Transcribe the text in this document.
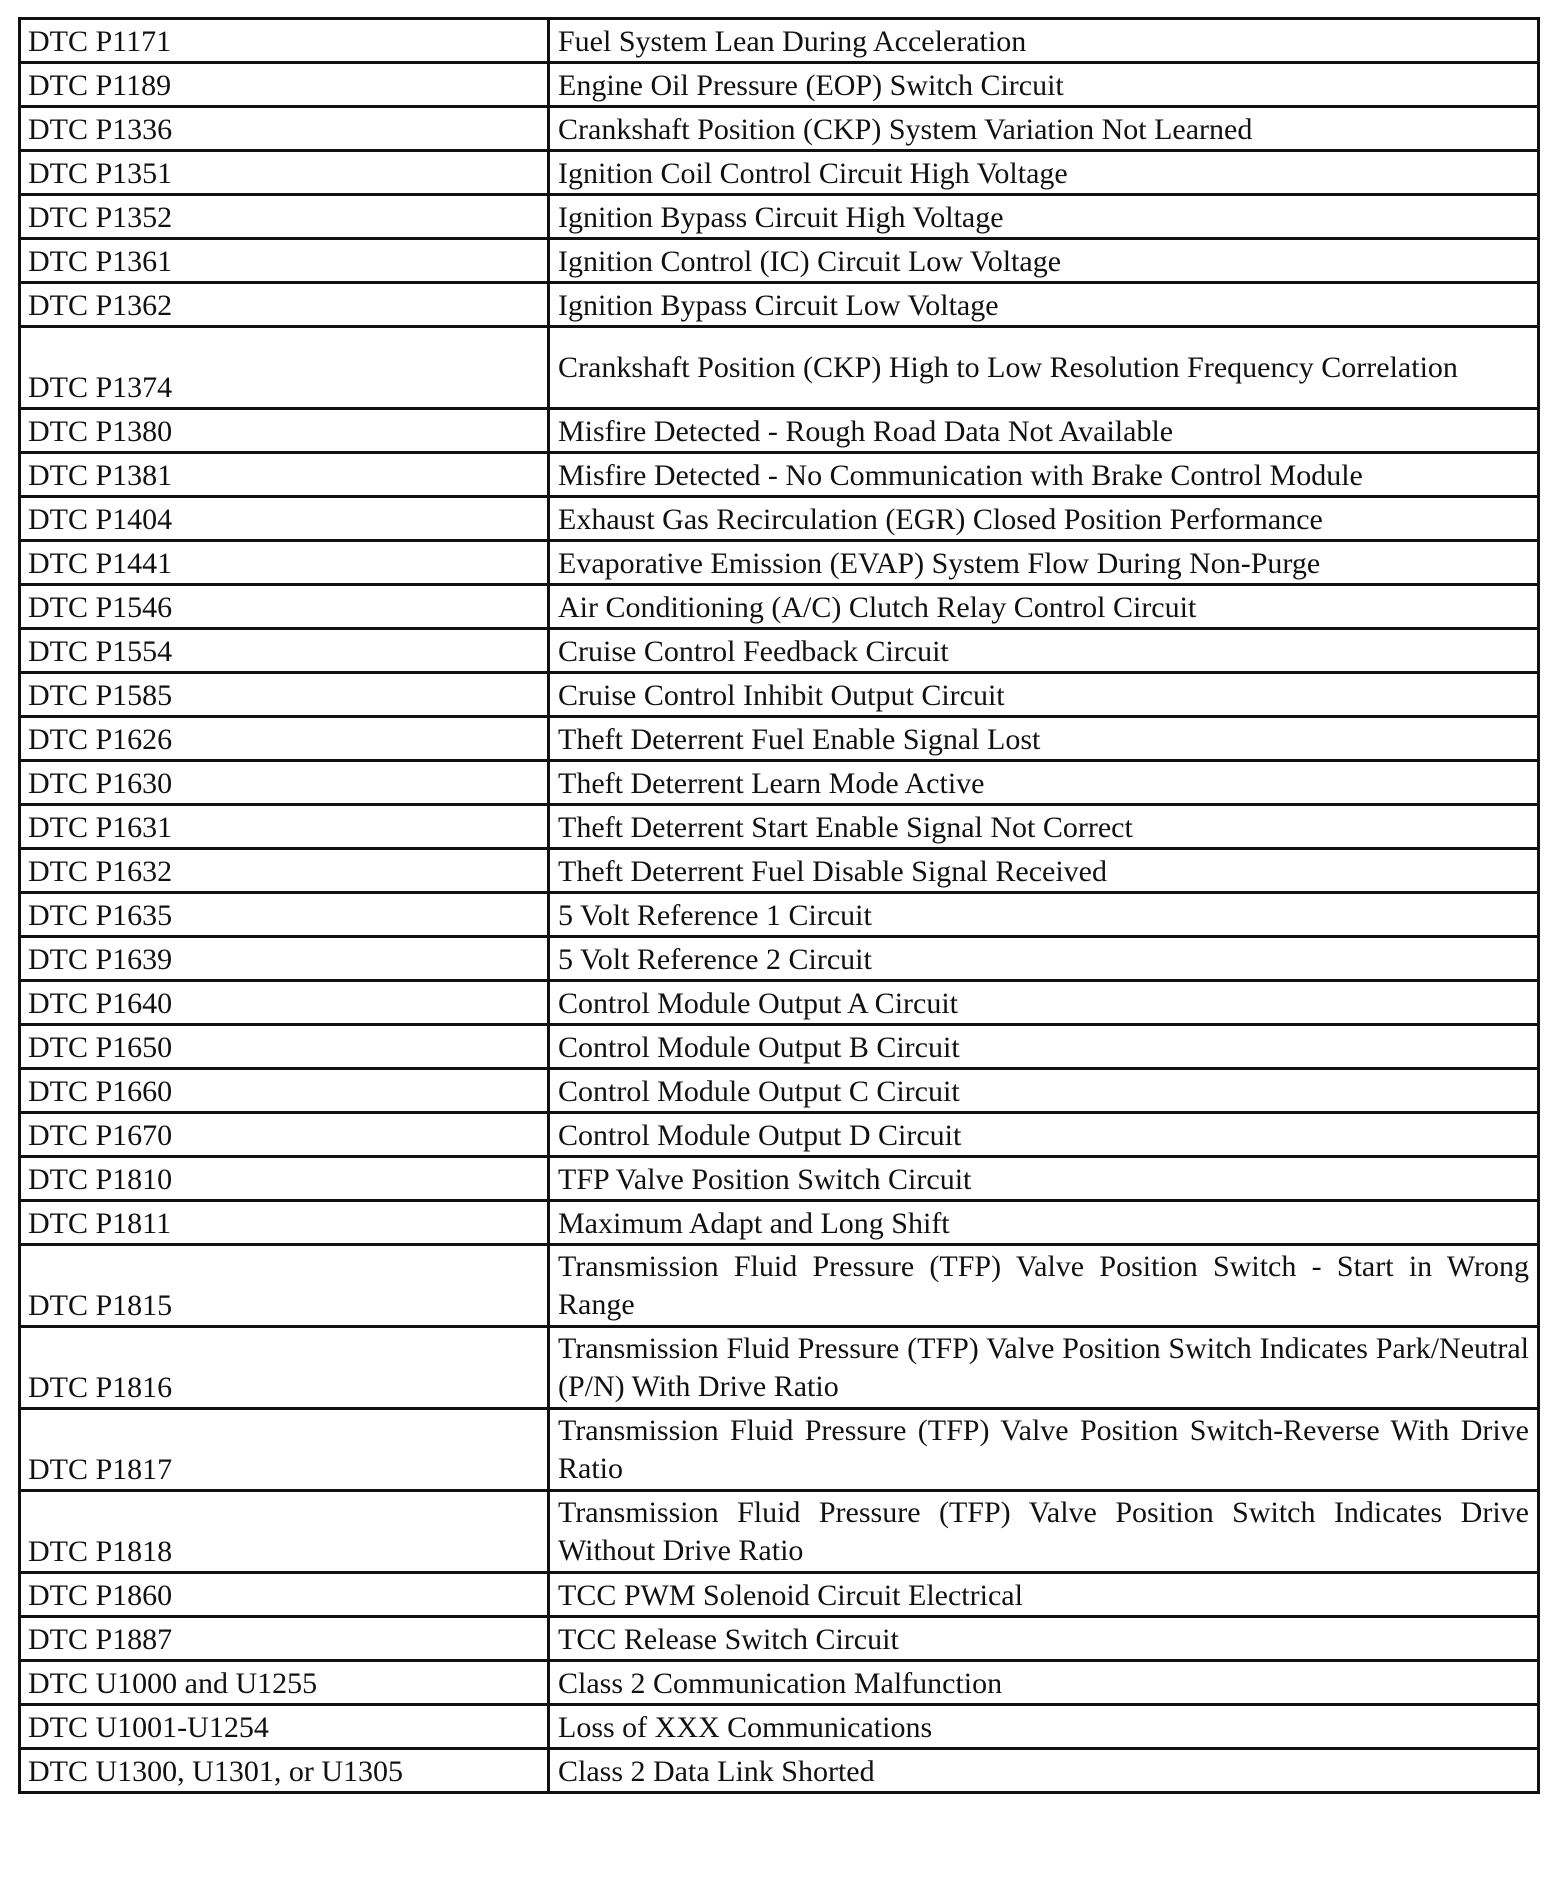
DTC P1171	Fuel System Lean During Acceleration
DTC P1189	Engine Oil Pressure (EOP) Switch Circuit
DTC P1336	Crankshaft Position (CKP) System Variation Not Learned
DTC P1351	Ignition Coil Control Circuit High Voltage
DTC P1352	Ignition Bypass Circuit High Voltage
DTC P1361	Ignition Control (IC) Circuit Low Voltage
DTC P1362	Ignition Bypass Circuit Low Voltage
DTC P1374	Crankshaft Position (CKP) High to Low Resolution Frequency Correlation
DTC P1380	Misfire Detected - Rough Road Data Not Available
DTC P1381	Misfire Detected - No Communication with Brake Control Module
DTC P1404	Exhaust Gas Recirculation (EGR) Closed Position Performance
DTC P1441	Evaporative Emission (EVAP) System Flow During Non-Purge
DTC P1546	Air Conditioning (A/C) Clutch Relay Control Circuit
DTC P1554	Cruise Control Feedback Circuit
DTC P1585	Cruise Control Inhibit Output Circuit
DTC P1626	Theft Deterrent Fuel Enable Signal Lost
DTC P1630	Theft Deterrent Learn Mode Active
DTC P1631	Theft Deterrent Start Enable Signal Not Correct
DTC P1632	Theft Deterrent Fuel Disable Signal Received
DTC P1635	5 Volt Reference 1 Circuit
DTC P1639	5 Volt Reference 2 Circuit
DTC P1640	Control Module Output A Circuit
DTC P1650	Control Module Output B Circuit
DTC P1660	Control Module Output C Circuit
DTC P1670	Control Module Output D Circuit
DTC P1810	TFP Valve Position Switch Circuit
DTC P1811	Maximum Adapt and Long Shift
DTC P1815	Transmission Fluid Pressure (TFP) Valve Position Switch - Start in Wrong Range
DTC P1816	Transmission Fluid Pressure (TFP) Valve Position Switch Indicates Park/Neutral (P/N) With Drive Ratio
DTC P1817	Transmission Fluid Pressure (TFP) Valve Position Switch-Reverse With Drive Ratio
DTC P1818	Transmission Fluid Pressure (TFP) Valve Position Switch Indicates Drive Without Drive Ratio
DTC P1860	TCC PWM Solenoid Circuit Electrical
DTC P1887	TCC Release Switch Circuit
DTC U1000 and U1255	Class 2 Communication Malfunction
DTC U1001-U1254	Loss of XXX Communications
DTC U1300, U1301, or U1305	Class 2 Data Link Shorted
